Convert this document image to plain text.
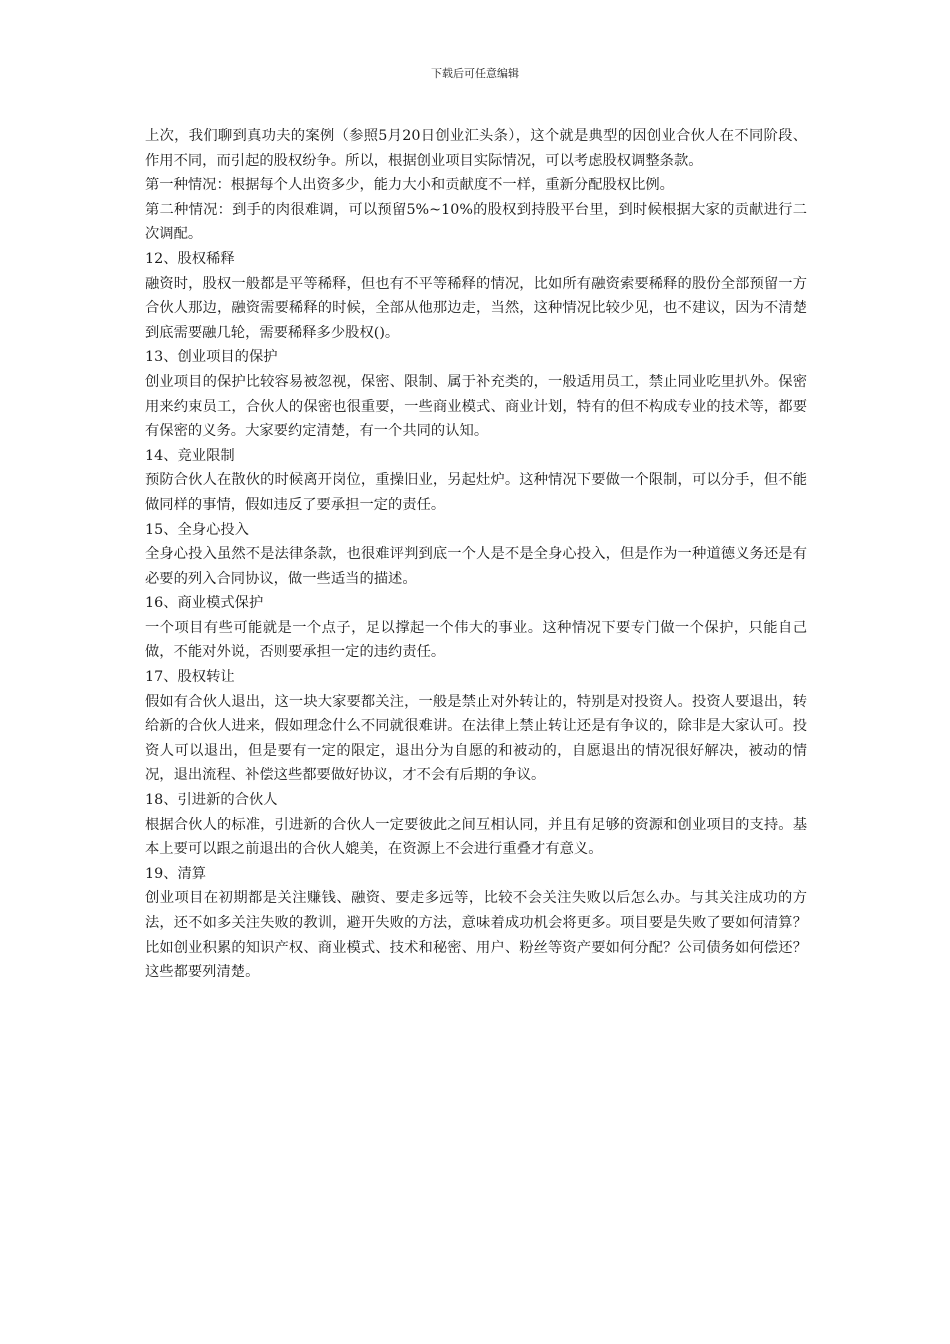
下载后可任意编辑

上次，我们聊到真功夫的案例（参照5月20日创业汇头条），这个就是典型的因创业合伙人在不同阶段、作用不同，而引起的股权纷争。所以，根据创业项目实际情况，可以考虑股权调整条款。

第一种情况：根据每个人出资多少，能力大小和贡献度不一样，重新分配股权比例。

第二种情况：到手的肉很难调，可以预留5%~10%的股权到持股平台里，到时候根据大家的贡献进行二次调配。

12、股权稀释

融资时，股权一般都是平等稀释，但也有不平等稀释的情况，比如所有融资索要稀释的股份全部预留一方合伙人那边，融资需要稀释的时候，全部从他那边走，当然，这种情况比较少见，也不建议，因为不清楚到底需要融几轮，需要稀释多少股权()。

13、创业项目的保护

创业项目的保护比较容易被忽视，保密、限制、属于补充类的，一般适用员工，禁止同业吃里扒外。保密用来约束员工，合伙人的保密也很重要，一些商业模式、商业计划，特有的但不构成专业的技术等，都要有保密的义务。大家要约定清楚，有一个共同的认知。

14、竞业限制

预防合伙人在散伙的时候离开岗位，重操旧业，另起灶炉。这种情况下要做一个限制，可以分手，但不能做同样的事情，假如违反了要承担一定的责任。

15、全身心投入

全身心投入虽然不是法律条款，也很难评判到底一个人是不是全身心投入，但是作为一种道德义务还是有必要的列入合同协议，做一些适当的描述。

16、商业模式保护

一个项目有些可能就是一个点子，足以撑起一个伟大的事业。这种情况下要专门做一个保护，只能自己做，不能对外说，否则要承担一定的违约责任。

17、股权转让

假如有合伙人退出，这一块大家要都关注，一般是禁止对外转让的，特别是对投资人。投资人要退出，转给新的合伙人进来，假如理念什么不同就很难讲。在法律上禁止转让还是有争议的，除非是大家认可。投资人可以退出，但是要有一定的限定，退出分为自愿的和被动的，自愿退出的情况很好解决，被动的情况，退出流程、补偿这些都要做好协议，才不会有后期的争议。

18、引进新的合伙人

根据合伙人的标准，引进新的合伙人一定要彼此之间互相认同，并且有足够的资源和创业项目的支持。基本上要可以跟之前退出的合伙人媲美，在资源上不会进行重叠才有意义。

19、清算

创业项目在初期都是关注赚钱、融资、要走多远等，比较不会关注失败以后怎么办。与其关注成功的方法，还不如多关注失败的教训，避开失败的方法，意味着成功机会将更多。项目要是失败了要如何清算？比如创业积累的知识产权、商业模式、技术和秘密、用户、粉丝等资产要如何分配？公司债务如何偿还？这些都要列清楚。
